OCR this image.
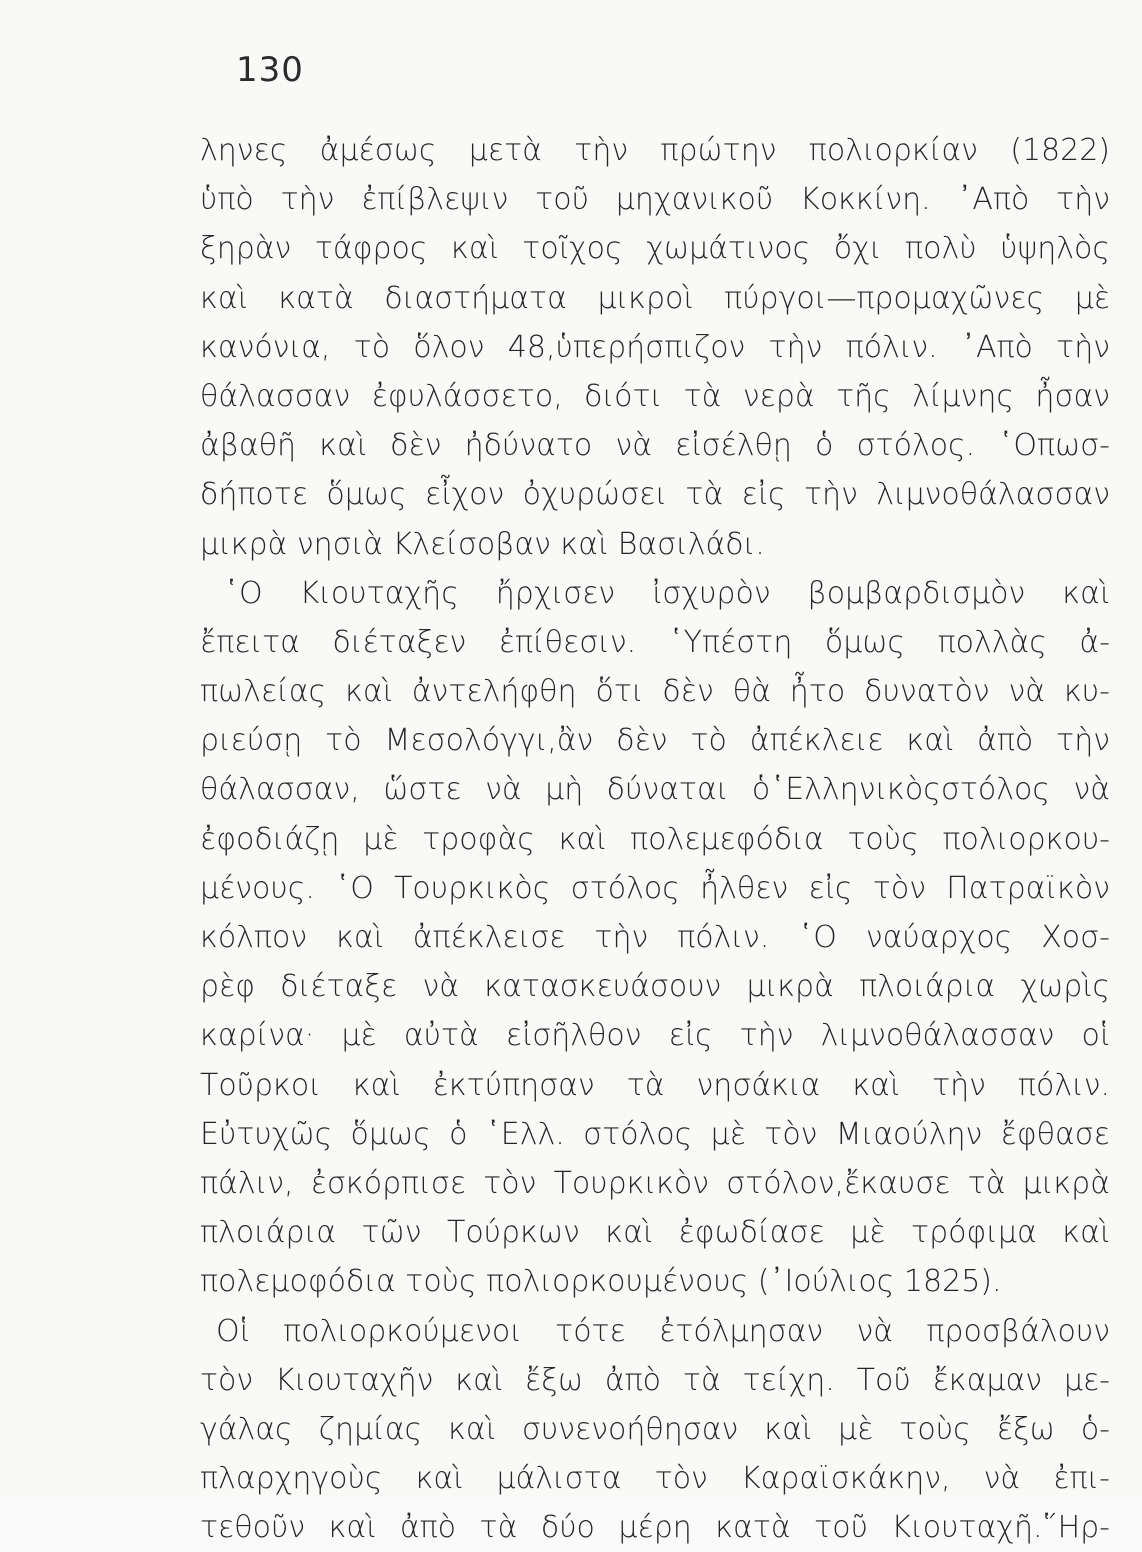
130
ληνες ἀμέσως μετὰ τὴν πρώτην πολιορκίαν (1822)
ὑπὸ τὴν ἐπίβλεψιν τοῦ μηχανικοῦ Κοκκίνη. ᾿Απὸ τὴν
ξηρὰν τάφρος καὶ τοῖχος χωμάτινος ὄχι πολὺ ὑψηλὸς
καὶ κατὰ διαστήματα μικροὶ πύργοι—προμαχῶνες μὲ
κανόνια, τὸ ὅλον 48,ὑπερήσπιζον τὴν πόλιν. ᾿Απὸ τὴν
θάλασσαν ἐφυλάσσετο, διότι τὰ νερὰ τῆς λίμνης ἦσαν
ἀβαθῆ καὶ δὲν ἠδύνατο νὰ εἰσέλθῃ ὁ στόλος. ῾Οπωσ-
δήποτε ὅμως εἶχον ὀχυρώσει τὰ εἰς τὴν λιμνοθάλασσαν
μικρὰ νησιὰ Κλείσοβαν καὶ Βασιλάδι.
῾Ο Κιουταχῆς ἤρχισεν ἰσχυρὸν βομβαρδισμὸν καὶ
ἔπειτα διέταξεν ἐπίθεσιν. ῾Υπέστη ὅμως πολλὰς ἀ-
πωλείας καὶ ἀντελήφθη ὅτι δὲν θὰ ἦτο δυνατὸν νὰ κυ-
ριεύσῃ τὸ Μεσολόγγι,ἂν δὲν τὸ ἀπέκλειε καὶ ἀπὸ τὴν
θάλασσαν, ὥστε νὰ μὴ δύναται ὁ῾Ελληνικὸςστόλος νὰ
ἐφοδιάζῃ μὲ τροφὰς καὶ πολεμεφόδια τοὺς πολιορκου-
μένους. ῾Ο Τουρκικὸς στόλος ἦλθεν εἰς τὸν Πατραϊκὸν
κόλπον καὶ ἀπέκλεισε τὴν πόλιν. ῾Ο ναύαρχος Χοσ-
ρὲφ διέταξε νὰ κατασκευάσουν μικρὰ πλοιάρια χωρὶς
καρίνα· μὲ αὐτὰ εἰσῆλθον εἰς τὴν λιμνοθάλασσαν οἱ
Τοῦρκοι καὶ ἐκτύπησαν τὰ νησάκια καὶ τὴν πόλιν.
Εὐτυχῶς ὅμως ὁ ῾Ελλ. στόλος μὲ τὸν Μιαούλην ἔφθασε
πάλιν, ἐσκόρπισε τὸν Τουρκικὸν στόλον,ἔκαυσε τὰ μικρὰ
πλοιάρια τῶν Τούρκων καὶ ἐφωδίασε μὲ τρόφιμα καὶ
πολεμοφόδια τοὺς πολιορκουμένους (᾿Ιούλιος 1825).
Οἱ πολιορκούμενοι τότε ἐτόλμησαν νὰ προσβάλουν
τὸν Κιουταχῆν καὶ ἔξω ἀπὸ τὰ τείχη. Τοῦ ἔκαμαν με-
γάλας ζημίας καὶ συνενοήθησαν καὶ μὲ τοὺς ἔξω ὁ-
πλαρχηγοὺς καὶ μάλιστα τὸν Καραϊσκάκην, νὰ ἐπι-
τεθοῦν καὶ ἀπὸ τὰ δύο μέρη κατὰ τοῦ Κιουταχῆ.῞Ηρ-
